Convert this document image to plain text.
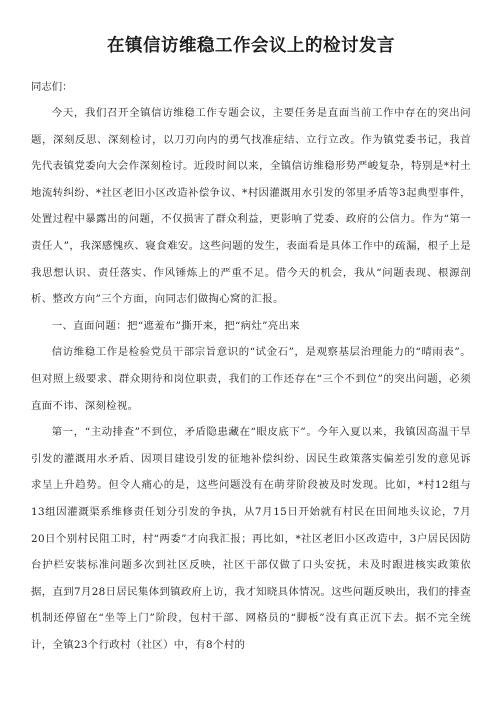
在镇信访维稳工作会议上的检讨发言

同志们：

今天，我们召开全镇信访维稳工作专题会议，主要任务是直面当前工作中存在的突出问题，深刻反思、深刻检讨，以刀刃向内的勇气找准症结、立行立改。作为镇党委书记，我首先代表镇党委向大会作深刻检讨。近段时间以来，全镇信访维稳形势严峻复杂，特别是*村土地流转纠纷、*社区老旧小区改造补偿争议、*村因灌溉用水引发的邻里矛盾等3起典型事件，处置过程中暴露出的问题，不仅损害了群众利益，更影响了党委、政府的公信力。作为“第一责任人”，我深感愧疚、寝食难安。这些问题的发生，表面看是具体工作中的疏漏，根子上是我思想认识、责任落实、作风锤炼上的严重不足。借今天的机会，我从“问题表现、根源剖析、整改方向”三个方面，向同志们做掏心窝的汇报。

一、直面问题：把“遮羞布”撕开来，把“病灶”亮出来

信访维稳工作是检验党员干部宗旨意识的“试金石”，是观察基层治理能力的“晴雨表”。但对照上级要求、群众期待和岗位职责，我们的工作还存在“三个不到位”的突出问题，必须直面不讳、深刻检视。

第一，“主动排查”不到位，矛盾隐患藏在“眼皮底下”。今年入夏以来，我镇因高温干旱引发的灌溉用水矛盾、因项目建设引发的征地补偿纠纷、因民生政策落实偏差引发的意见诉求呈上升趋势。但令人痛心的是，这些问题没有在萌芽阶段被及时发现。比如，*村12组与13组因灌溉渠系维修责任划分引发的争执，从7月15日开始就有村民在田间地头议论，7月20日个别村民阻工时，村“两委”才向我汇报；再比如，*社区老旧小区改造中，3户居民因防台护栏安装标准问题多次到社区反映，社区干部仅做了口头安抚，未及时跟进核实政策依据，直到7月28日居民集体到镇政府上访，我才知晓具体情况。这些问题反映出，我们的排查机制还停留在“坐等上门”阶段，包村干部、网格员的“脚板”没有真正沉下去。据不完全统计，全镇23个行政村（社区）中，有8个村的
